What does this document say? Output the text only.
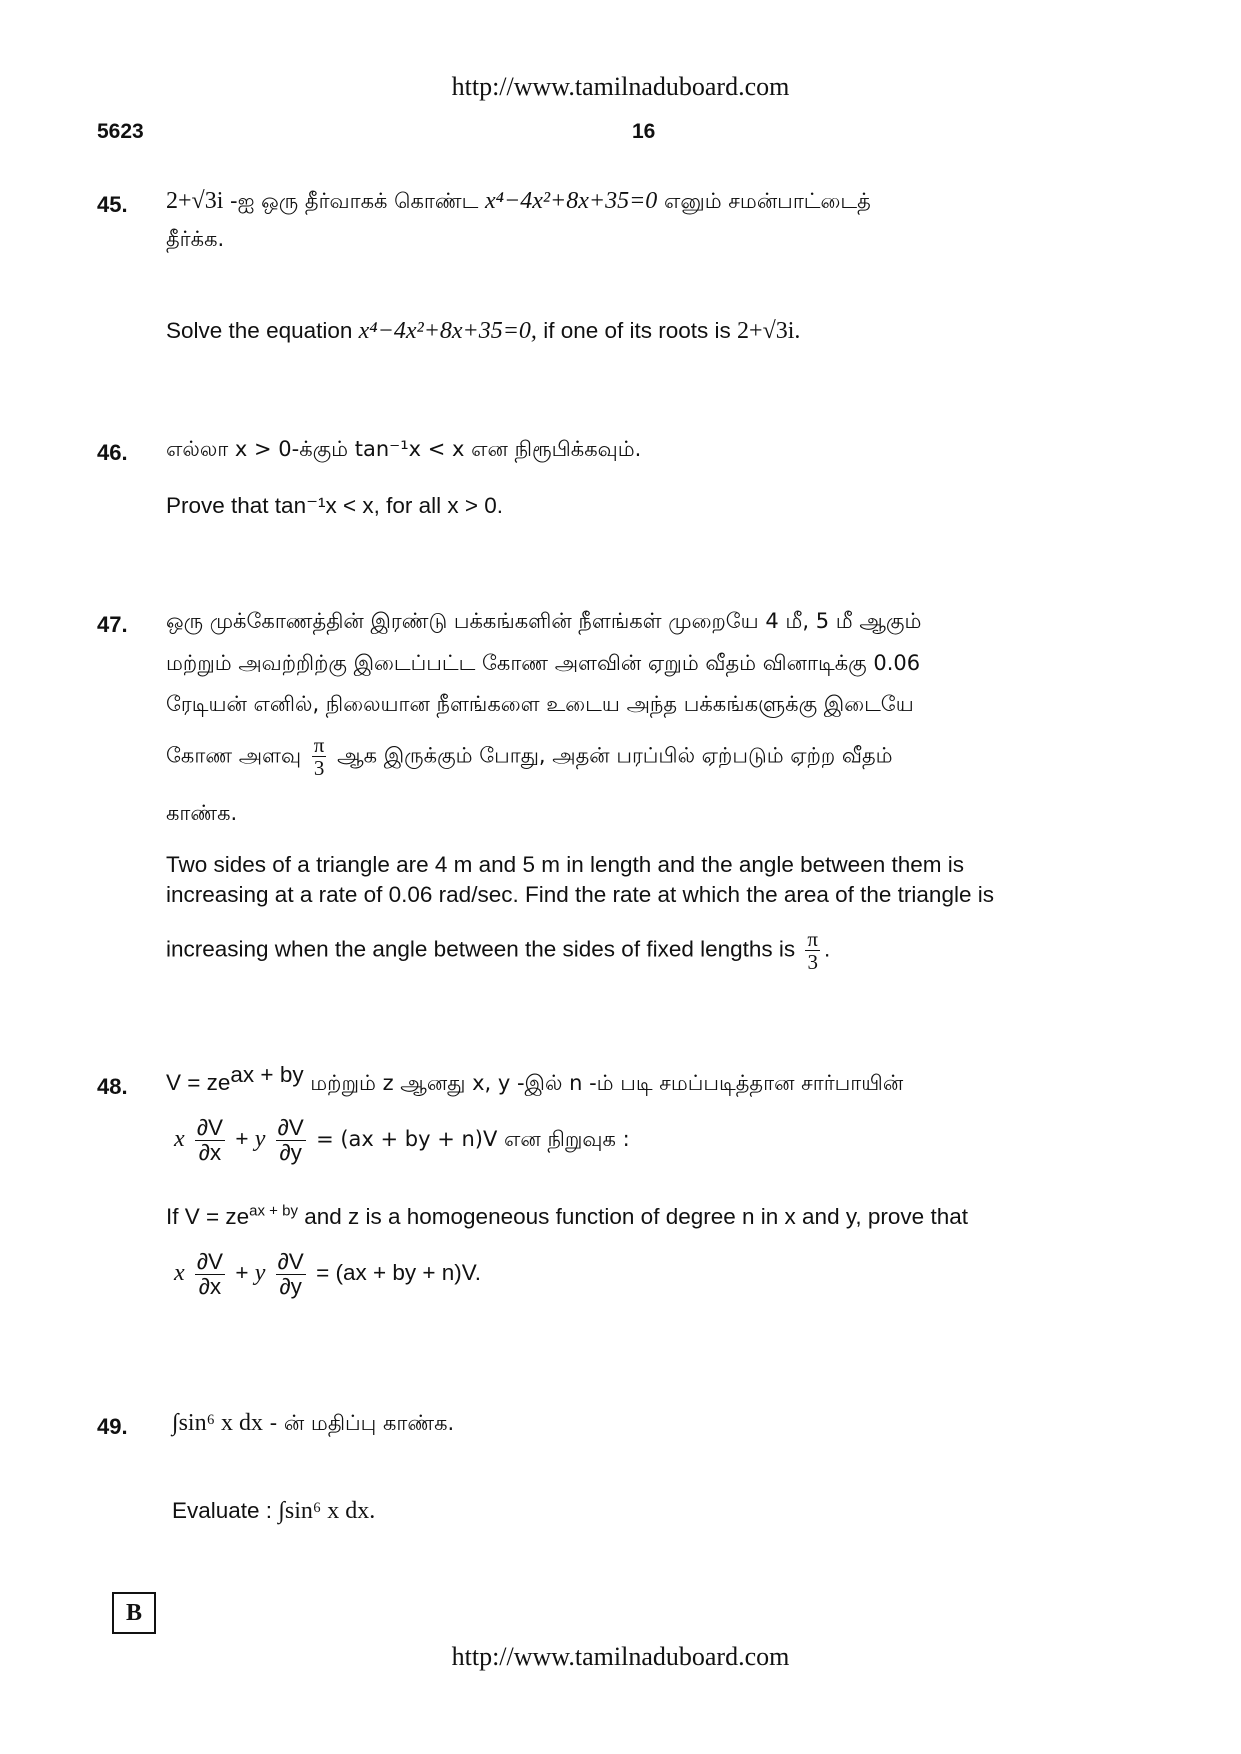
http://www.tamilnaduboard.com
5623	16
45. 2+√3i -ஐ ஒரு தீர்வாகக் கொண்ட x⁴−4x²+8x+35=0 எனும் சமன்பாட்டைத்
தீர்க்க.
Solve the equation x⁴−4x²+8x+35=0, if one of its roots is 2+√3i.
46. எல்லா x > 0-க்கும் tan⁻¹x < x என நிரூபிக்கவும்.
Prove that tan⁻¹x < x, for all x > 0.
47. ஒரு முக்கோணத்தின் இரண்டு பக்கங்களின் நீளங்கள் முறையே 4 மீ, 5 மீ ஆகும்
மற்றும் அவற்றிற்கு இடைப்பட்ட கோண அளவின் ஏறும் வீதம் வினாடிக்கு 0.06
ரேடியன் எனில், நிலையான நீளங்களை உடைய அந்த பக்கங்களுக்கு இடையே
கோண அளவு $\frac{\pi}{3}$ ஆக இருக்கும் போது, அதன் பரப்பில் ஏற்படும் ஏற்ற வீதம்
காண்க.
Two sides of a triangle are 4 m and 5 m in length and the angle between them is
increasing at a rate of 0.06 rad/sec. Find the rate at which the area of the triangle is
increasing when the angle between the sides of fixed lengths is $\frac{\pi}{3}$ .
48. $V = ze^{ax + by}$ மற்றும் z ஆனது x, y -இல் n -ம் படி சமப்படித்தான சார்பாயின்
x $\frac{\partial V}{\partial x} + y \frac{\partial V}{\partial y} = (ax$ + by + n)V என நிறுவுக :
If $V = ze^{ax + by}$ and z is a homogeneous function of degree n in x and y, prove that
x $\frac{\partial V}{\partial x} + y \frac{\partial V}{\partial y} = (ax$ + by + n)V.
49. ∫sin⁶ x dx - ன் மதிப்பு காண்க.
Evaluate : ∫sin⁶ x dx.
B
http://www.tamilnaduboard.com
